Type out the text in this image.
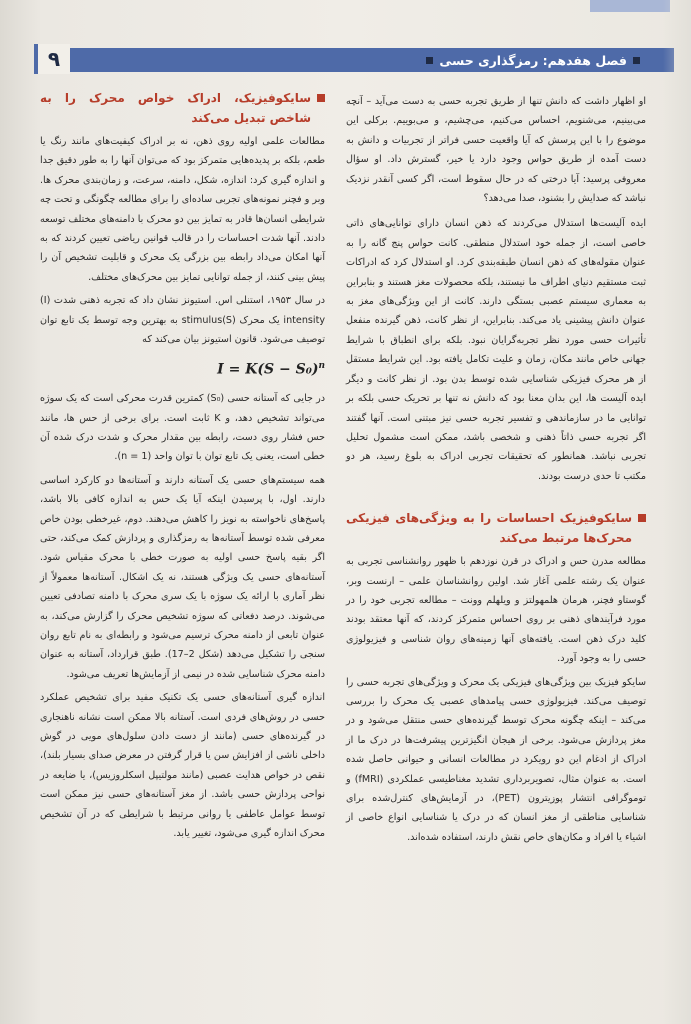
فصل هفدهم: رمزگذاری حسی
۹

او اظهار داشت که دانش تنها از طریق تجربه حسی به دست می‌آید – آنچه می‌بینیم، می‌شنویم، احساس می‌کنیم، می‌چشیم، و می‌بوییم. برکلی این موضوع را با این پرسش که آیا واقعیت حسی فراتر از تجربیات و دانش به دست آمده از طریق حواس وجود دارد یا خیر، گسترش داد. او سؤال معروفی پرسید: آیا درختی که در حال سقوط است، اگر کسی آنقدر نزدیک نباشد که صدایش را بشنود، صدا می‌دهد؟

ایده آلیست‌ها استدلال می‌کردند که ذهن انسان دارای توانایی‌های ذاتی خاصی است، از جمله خود استدلال منطقی. کانت حواس پنج گانه را به عنوان مقوله‌های که ذهن انسان طبقه‌بندی کرد. او استدلال کرد که ادراکات ثبت مستقیم دنیای اطراف ما نیستند، بلکه محصولات مغز هستند و بنابراین به معماری سیستم عصبی بستگی دارند. کانت از این ویژگی‌های مغز به عنوان دانش پیشینی یاد می‌کند. بنابراین، از نظر کانت، ذهن گیرنده منفعل تأثیرات حسی مورد نظر تجربه‌گرایان نبود. بلکه برای انطباق با شرایط جهانی خاص مانند مکان، زمان و علیت تکامل یافته بود. این شرایط مستقل از هر محرک فیزیکی شناسایی شده توسط بدن بود. از نظر کانت و دیگر ایده آلیست ها، این بدان معنا بود که دانش نه تنها بر تحریک حسی بلکه بر توانایی ما در سازماندهی و تفسیر تجربه حسی نیز مبتنی است. آنها گفتند اگر تجربه حسی ذاتاً ذهنی و شخصی باشد، ممکن است مشمول تحلیل تجربی نباشد. همانطور که تحقیقات تجربی ادراک به بلوغ رسید، هر دو مکتب تا حدی درست بودند.

سایکوفیزیک احساسات را به ویژگی‌های فیزیکی محرک‌ها مرتبط می‌کند

مطالعه مدرن حس و ادراک در قرن نوزدهم با ظهور روانشناسی تجربی به عنوان یک رشته علمی آغاز شد. اولین روانشناسان علمی – ارنست وبر، گوستاو فچنر، هرمان هلمهولتز و ویلهلم وونت – مطالعه تجربی خود را در مورد فرآیندهای ذهنی بر روی احساس متمرکز کردند، که آنها معتقد بودند کلید درک ذهن است. یافته‌های آنها زمینه‌های روان شناسی و فیزیولوژی حسی را به وجود آورد.

سایکو فیزیک بین ویژگی‌های فیزیکی یک محرک و ویژگی‌های تجربه حسی را توصیف می‌کند. فیزیولوژی حسی پیامدهای عصبی یک محرک را بررسی می‌کند – اینکه چگونه محرک توسط گیرنده‌های حسی منتقل می‌شود و در مغز پردازش می‌شود. برخی از هیجان انگیزترین پیشرفت‌ها در درک ما از ادراک از ادغام این دو رویکرد در مطالعات انسانی و حیوانی حاصل شده است. به عنوان مثال، تصویربرداری تشدید مغناطیسی عملکردی (fMRI) و توموگرافی انتشار پوزیترون (PET)، در آزمایش‌های کنترل‌شده برای شناسایی مناطقی از مغز انسان که در درک یا شناسایی انواع خاصی از اشیاء یا افراد و مکان‌های خاص نقش دارند، استفاده شده‌اند.

سایکوفیزیک، ادراک خواص محرک را به شاخص تبدیل می‌کند

مطالعات علمی اولیه روی ذهن، نه بر ادراک کیفیت‌های مانند رنگ یا طعم، بلکه بر پدیده‌هایی متمرکز بود که می‌توان آنها را به طور دقیق جدا و اندازه گیری کرد: اندازه، شکل، دامنه، سرعت، و زمان‌بندی محرک ها. وبر و فچنر نمونه‌های تجربی ساده‌ای را برای مطالعه چگونگی و تحت چه شرایطی انسان‌ها قادر به تمایز بین دو محرک با دامنه‌های مختلف توسعه دادند. آنها شدت احساسات را در قالب قوانین ریاضی تعیین کردند که به آنها امکان می‌داد رابطه بین بزرگی یک محرک و قابلیت تشخیص آن را پیش بینی کنند، از جمله توانایی تمایز بین محرک‌های مختلف.

در سال ۱۹۵۳، استنلی اس. استیونز نشان داد که تجربه ذهنی شدت (I) intensity یک محرک stimulus(S) به بهترین وجه توسط یک تابع توان توصیف می‌شود. قانون استیونز بیان می‌کند که

$I = K(S - S_0)^n$

در جایی که آستانه حسی (S₀) کمترین قدرت محرکی است که یک سوژه می‌تواند تشخیص دهد، و K ثابت است. برای برخی از حس ها، مانند حس فشار روی دست، رابطه بین مقدار محرک و شدت درک شده آن خطی است، یعنی یک تابع توان با توان واحد (n = 1).

همه سیستم‌های حسی یک آستانه دارند و آستانه‌ها دو کارکرد اساسی دارند. اول، با پرسیدن اینکه آیا یک حس به اندازه کافی بالا باشد، پاسخ‌های ناخواسته به نویز را کاهش می‌دهند. دوم، غیرخطی بودن خاص معرفی شده توسط آستانه‌ها به رمزگذاری و پردازش کمک می‌کند، حتی اگر بقیه پاسخ حسی اولیه به صورت خطی با محرک مقیاس شود. آستانه‌های حسی یک ویژگی هستند، نه یک اشکال. آستانه‌ها معمولاً از نظر آماری با ارائه یک سوژه با یک سری محرک با دامنه تصادفی تعیین می‌شوند. درصد دفعاتی که سوژه تشخیص محرک را گزارش می‌کند، به عنوان تابعی از دامنه محرک ترسیم می‌شود و رابطه‌ای به نام تابع روان سنجی را تشکیل می‌دهد (شکل 2–17). طبق قرارداد، آستانه به عنوان دامنه محرک شناسایی شده در نیمی از آزمایش‌ها تعریف می‌شود.

اندازه گیری آستانه‌های حسی یک تکنیک مفید برای تشخیص عملکرد حسی در روش‌های فردی است. آستانه بالا ممکن است نشانه ناهنجاری در گیرنده‌های حسی (مانند از دست دادن سلول‌های مویی در گوش داخلی ناشی از افزایش سن یا قرار گرفتن در معرض صدای بسیار بلند)، نقص در خواص هدایت عصبی (مانند مولتیپل اسکلروزیس)، یا ضایعه در نواحی پردازش حسی باشد. از مغز آستانه‌های حسی نیز ممکن است توسط عوامل عاطفی یا روانی مرتبط با شرایطی که در آن تشخیص محرک اندازه گیری می‌شود، تغییر یابد.
